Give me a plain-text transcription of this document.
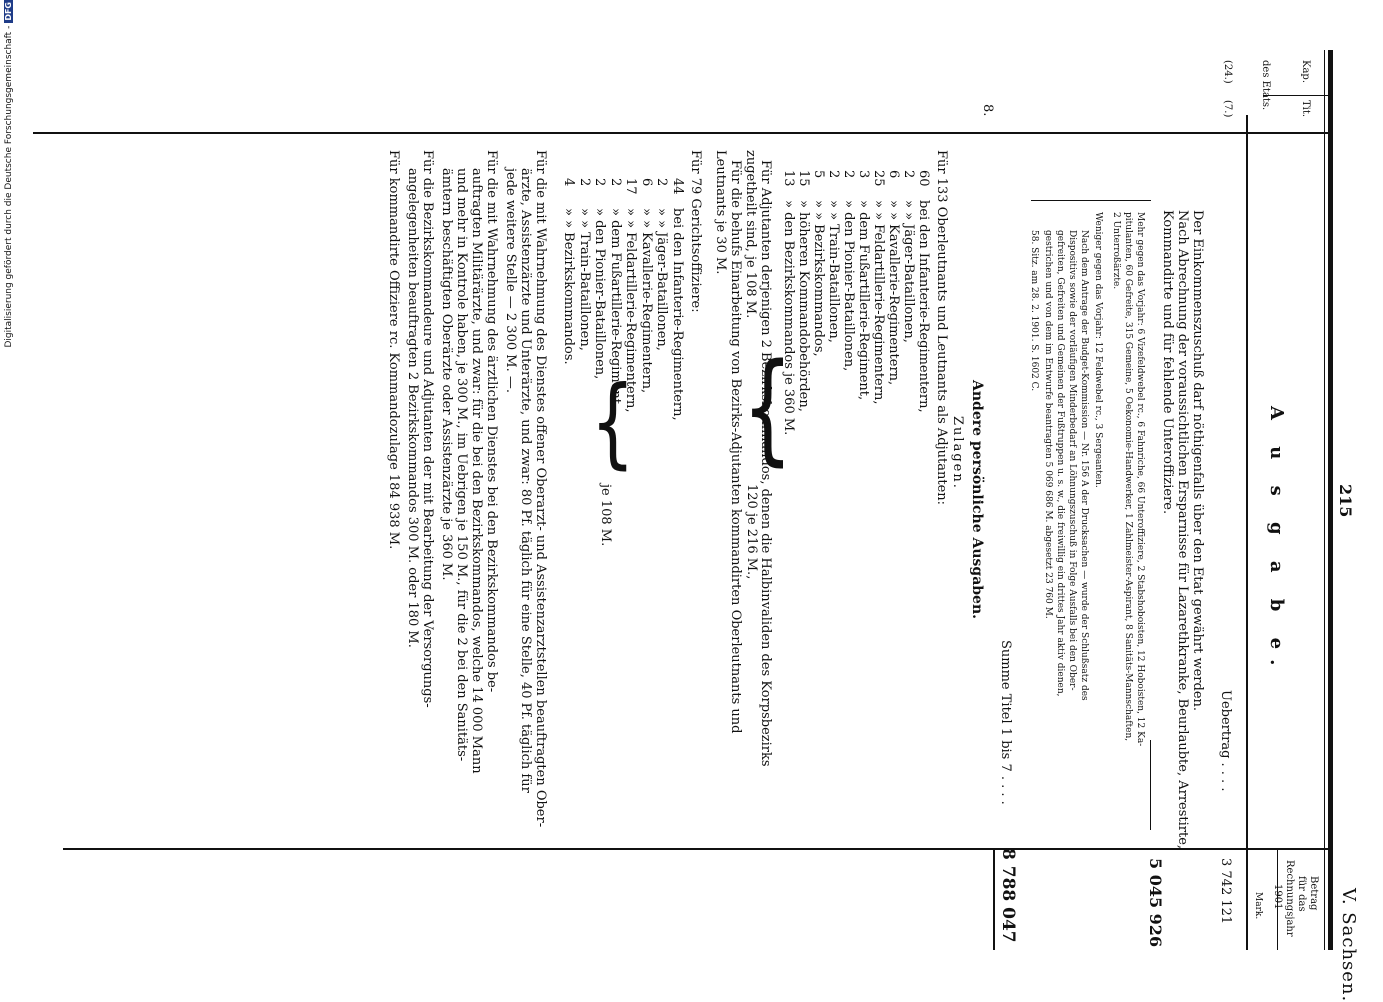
215
V. Sachsen.
Kap.
Tit.
des Etats.
Betrag
für das
Rechnungsjahr
1901
Mark.
A u s g a b e.
(24.)
(7.)
Uebertrag . . . .
3 742 121
Der Einkommenszuschuß darf nöthigenfalls über den Etat gewährt werden.
Nach Abrechnung der voraussichtlichen Ersparnisse für Lazarethkranke, Beurlaubte, Arrestirte,
Kommandirte und für fehlende Unteroffiziere.
5 045 926
Mehr gegen das Vorjahr: 6 Vizefeldwebel rc., 6 Fahnriche, 66 Unteroffiziere, 2 Stabshoboisten, 12 Hoboisten, 12 Ka-
pitulanten, 60 Gefreite, 315 Gemeine, 5 Oekonomie-Handwerker, 1 Zahlmeister-Aspirant, 8 Sanitäts-Mannschaften,
2 Unterroßärzte.
Weniger gegen das Vorjahr: 12 Feldwebel rc., 3 Sergeanten.
Nach dem Antrage der Budget-Kommission — Nr. 156 A der Drucksachen — wurde der Schlußsatz des
Dispositivs sowie der vorläufigen Minderbedarf an Löhnungszuschuß in Folge Ausfalls bei den Ober-
gefreiten, Gefreiten und Gemeinen der Fußtruppen u. s. w., die freiwillig ein drittes Jahr aktiv dienen,
gestrichen und von dem im Entwurfe beantragten 5 069 686 M. abgesetzt 23 760 M.
58. Sitz. am 28. 2. 1901. S. 1602 C.
Summe Titel 1 bis 7 . . . .
8 788 047
8.
Andere persönliche Ausgaben.
Zulagen.
Für 133 Oberleutnants und Leutnants als Adjutanten:
60
bei den Infanterie-Regimentern,
2
» » Jäger-Bataillonen,
6
» » Kavallerie-Regimentern,
25
» » Feldartillerie-Regimentern,
3
» dem Fußartillerie-Regiment,
2
» den Pionier-Bataillonen,
2
» » Train-Bataillonen,
5
» » Bezirkskommandos,
15
» höheren Kommandobehörden,
13
» den Bezirkskommandos je 360 M.
}
120 je 216 M., Für Adjutanten derjenigen 2 Bezirkskommandos, denen die Halbinvaliden des Korpsbezirks
zugetheilt sind, je 108 M.
Für die behufs Einarbeitung von Bezirks-Adjutanten kommandirten Oberleutnants und
Leutnants je 30 M.
Für 79 Gerichtsoffiziere:
44
bei den Infanterie-Regimentern,
2
» » Jäger-Bataillonen,
6
» » Kavallerie-Regimentern,
17
» » Feldartillerie-Regimentern,
2
» dem Fußartillerie-Regiment,
2
» den Pionier-Bataillonen,
2
» » Train-Bataillonen,
4
» » Bezirkskommandos.
je 108 M.
}
Für die mit Wahrnehmung des Dienstes offener Oberarzt- und Assistenzarztstellen beauftragten Ober-
ärzte, Assistenzärzte und Unterärzte, und zwar: 80 Pf. täglich für eine Stelle, 40 Pf. täglich für
jede weitere Stelle — 2 300 M. —.
Für die mit Wahrnehmung des ärztlichen Dienstes bei den Bezirkskommandos be-
auftragten Militärärzte, und zwar: für die bei den Bezirkskommandos, welche 14 000 Mann
und mehr in Kontrole haben, je 300 M., im Uebrigen je 150 M., für die 2 bei den Sanitäts-
ämtern beschäftigten Oberärzte oder Assistenzärzte je 360 M.
Für die Bezirkskommandeure und Adjutanten der mit Bearbeitung der Versorgungs-
angelegenheiten beauftragten 2 Bezirkskommandos 300 M. oder 180 M.
Für kommandirte Offiziere rc. Kommandozulage 184 938 M.
Digitalisierung gefördert durch die Deutsche Forschungsgemeinschaft -DFG
